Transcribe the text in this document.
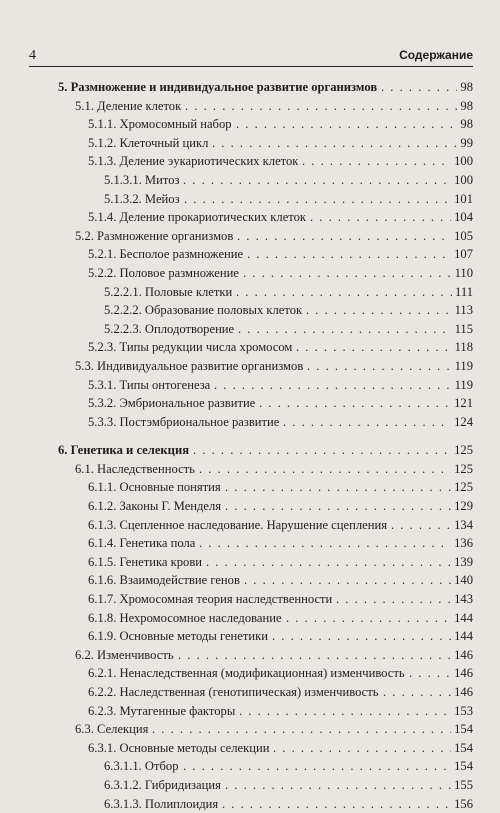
4	Содержание
5. Размножение и индивидуальное развитие организмов . . .	98
5.1. Деление клеток . . .	98
5.1.1. Хромосомный набор . . .	98
5.1.2. Клеточный цикл . . .	99
5.1.3. Деление эукариотических клеток . . .	100
5.1.3.1. Митоз . . .	100
5.1.3.2. Мейоз . . .	101
5.1.4. Деление прокариотических клеток . . .	104
5.2. Размножение организмов . . .	105
5.2.1. Бесполое размножение . . .	107
5.2.2. Половое размножение . . .	110
5.2.2.1. Половые клетки . . .	111
5.2.2.2. Образование половых клеток . . .	113
5.2.2.3. Оплодотворение . . .	115
5.2.3. Типы редукции числа хромосом . . .	118
5.3. Индивидуальное развитие организмов . . .	119
5.3.1. Типы онтогенеза . . .	119
5.3.2. Эмбриональное развитие . . .	121
5.3.3. Постэмбриональное развитие . . .	124
6. Генетика и селекция . . .	125
6.1. Наследственность . . .	125
6.1.1. Основные понятия . . .	125
6.1.2. Законы Г. Менделя . . .	129
6.1.3. Сцепленное наследование. Нарушение сцепления . . .	134
6.1.4. Генетика пола . . .	136
6.1.5. Генетика крови . . .	139
6.1.6. Взаимодействие генов . . .	140
6.1.7. Хромосомная теория наследственности . . .	143
6.1.8. Нехромосомное наследование . . .	144
6.1.9. Основные методы генетики . . .	144
6.2. Изменчивость . . .	146
6.2.1. Ненаследственная (модификационная) изменчивость . . .	146
6.2.2. Наследственная (генотипическая) изменчивость . . .	146
6.2.3. Мутагенные факторы . . .	153
6.3. Селекция . . .	154
6.3.1. Основные методы селекции . . .	154
6.3.1.1. Отбор . . .	154
6.3.1.2. Гибридизация . . .	155
6.3.1.3. Полиплоидия . . .	156
